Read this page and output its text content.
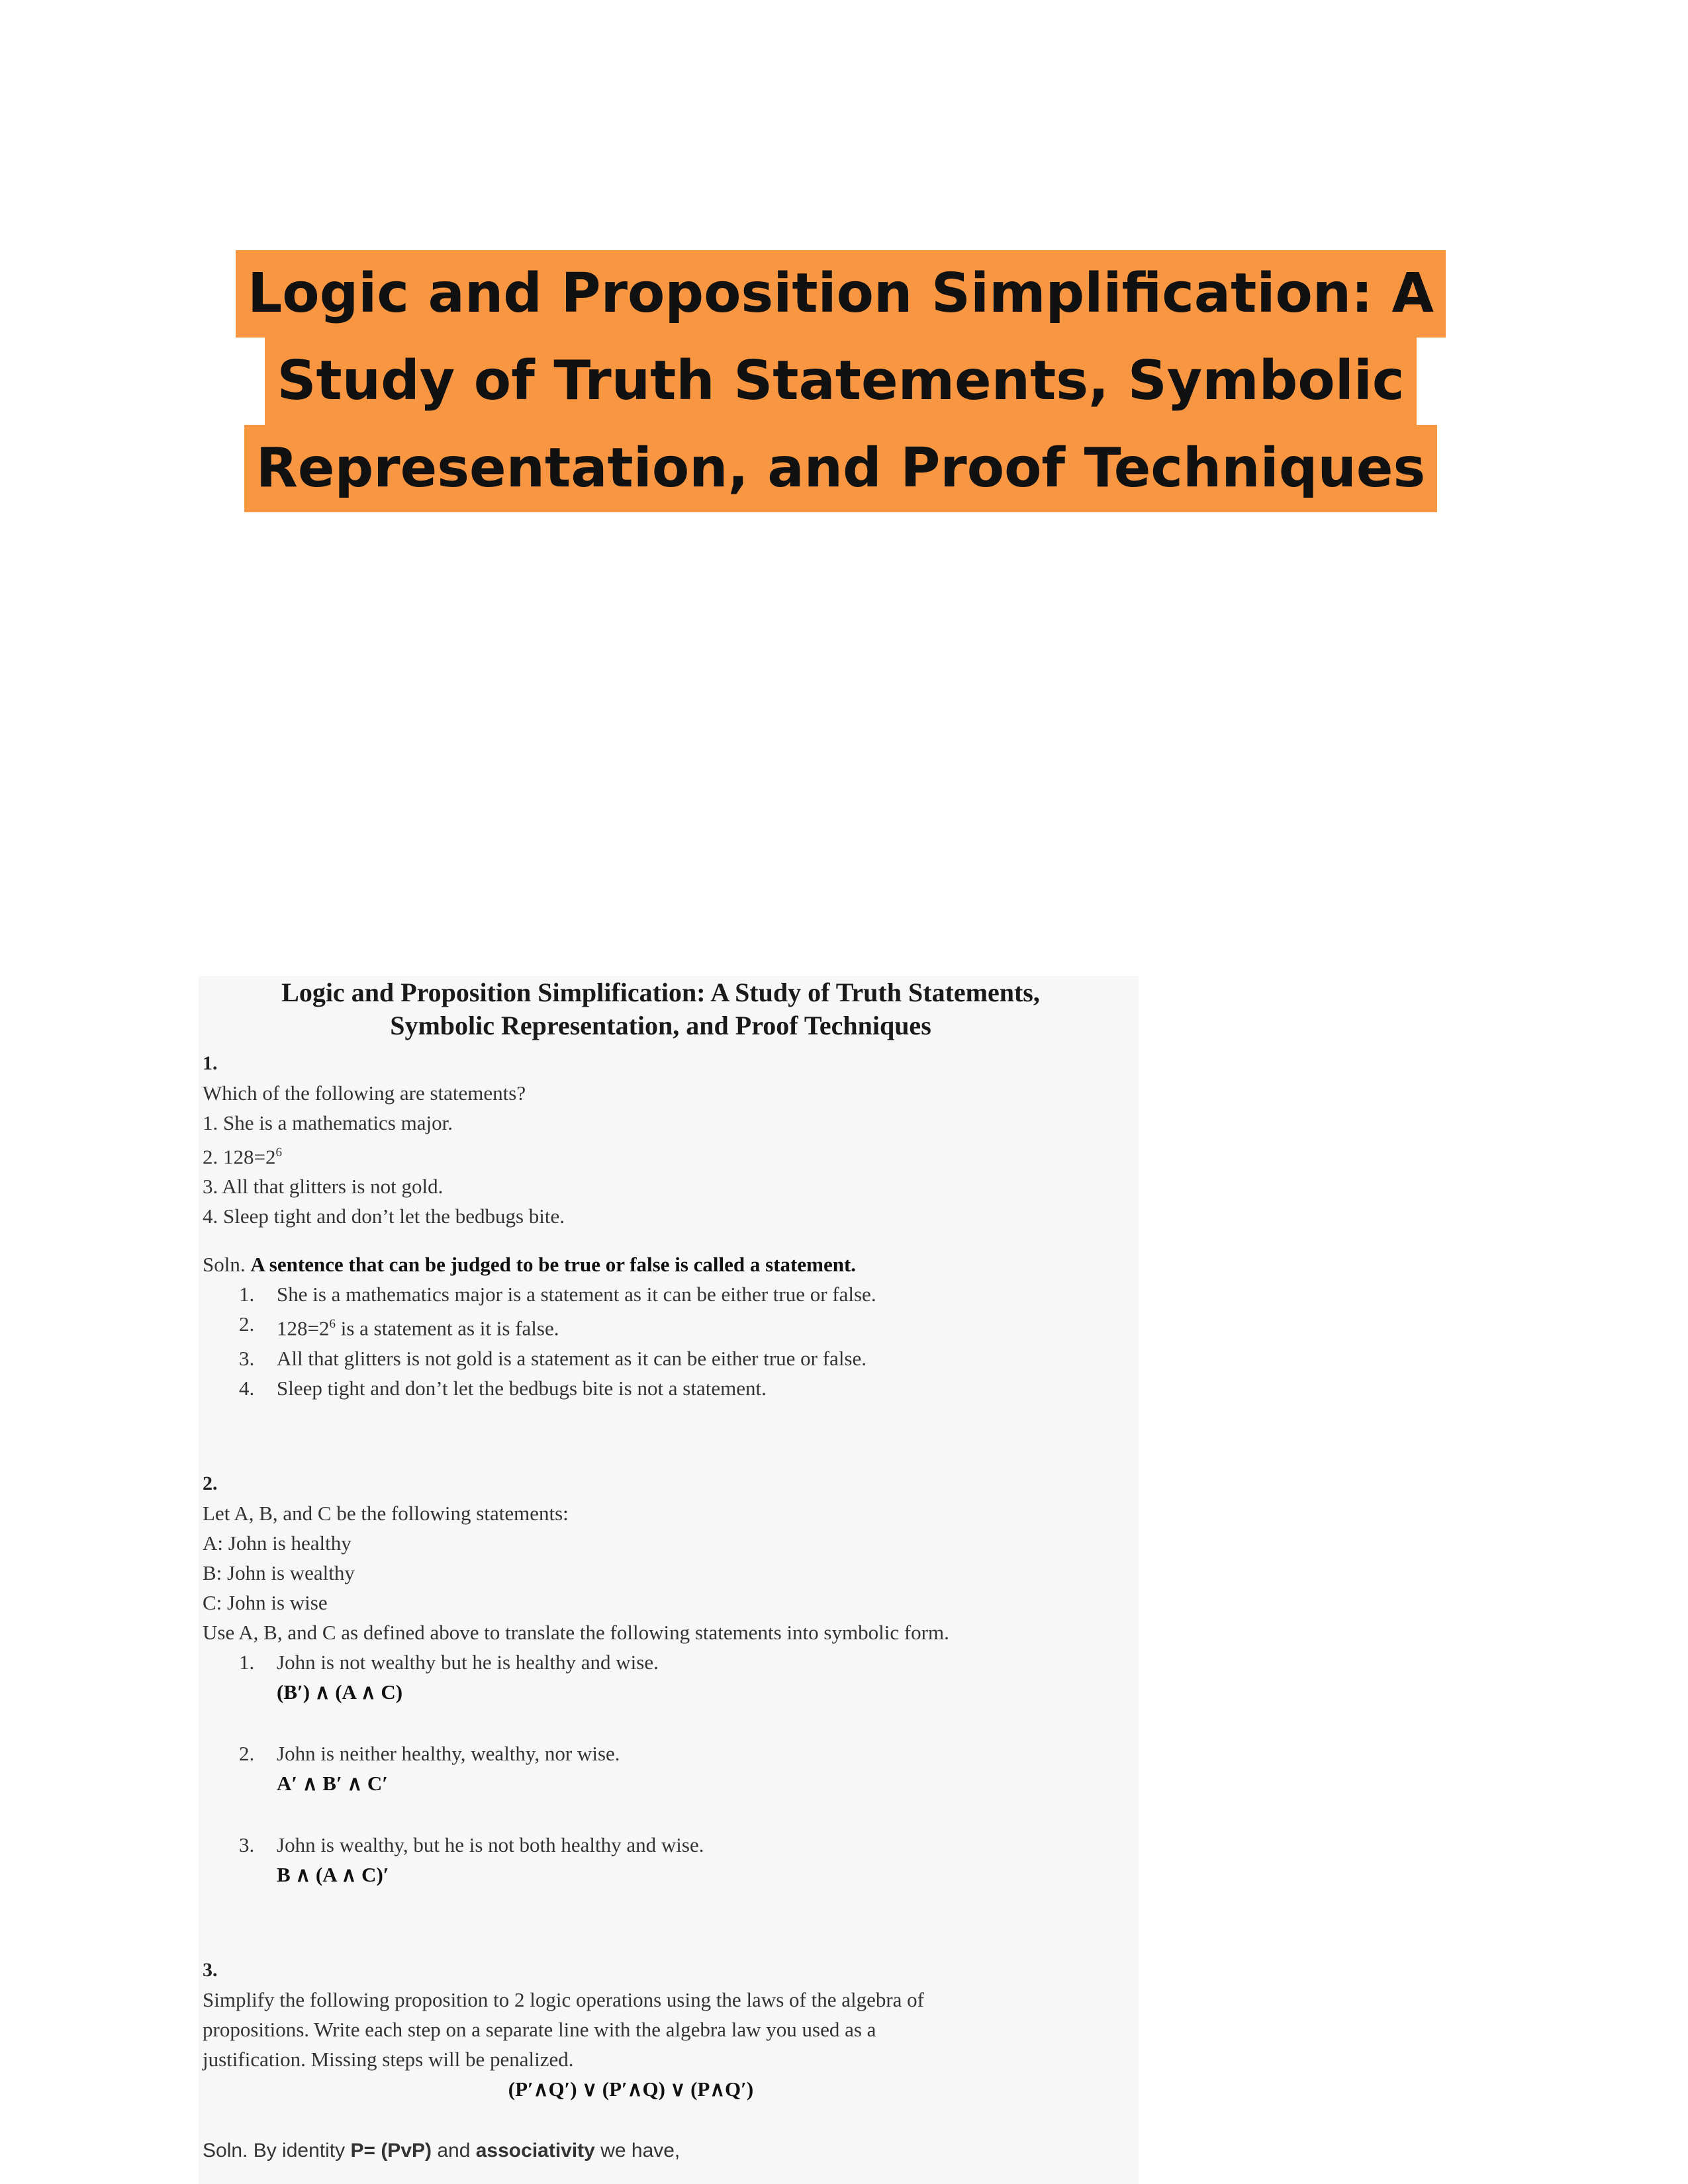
Logic and Proposition Simplification: A
Study of Truth Statements, Symbolic
Representation, and Proof Techniques
Logic and Proposition Simplification: A Study of Truth Statements,
Symbolic Representation, and Proof Techniques
1.
Which of the following are statements?
1. She is a mathematics major.
2. $128=2^6$
3. All that glitters is not gold.
4. Sleep tight and don’t let the bedbugs bite.
Soln. A sentence that can be judged to be true or false is called a statement.
1. She is a mathematics major is a statement as it can be either true or false.
2. $128=2^6$ is a statement as it is false.
3. All that glitters is not gold is a statement as it can be either true or false.
4. Sleep tight and don’t let the bedbugs bite is not a statement.
2.
Let A, B, and C be the following statements:
A: John is healthy
B: John is wealthy
C: John is wise
Use A, B, and C as defined above to translate the following statements into symbolic form.
1. John is not wealthy but he is healthy and wise.
(B′) ∧ (A ∧ C)
2. John is neither healthy, wealthy, nor wise.
A′ ∧ B′ ∧ C′
3. John is wealthy, but he is not both healthy and wise.
B ∧ (A ∧ C)′
3.
Simplify the following proposition to 2 logic operations using the laws of the algebra of
propositions. Write each step on a separate line with the algebra law you used as a
justification. Missing steps will be penalized.
(P′∧Q′) ∨ (P′∧Q) ∨ (P∧Q′)
Soln. By identity P= (PvP) and associativity we have,
